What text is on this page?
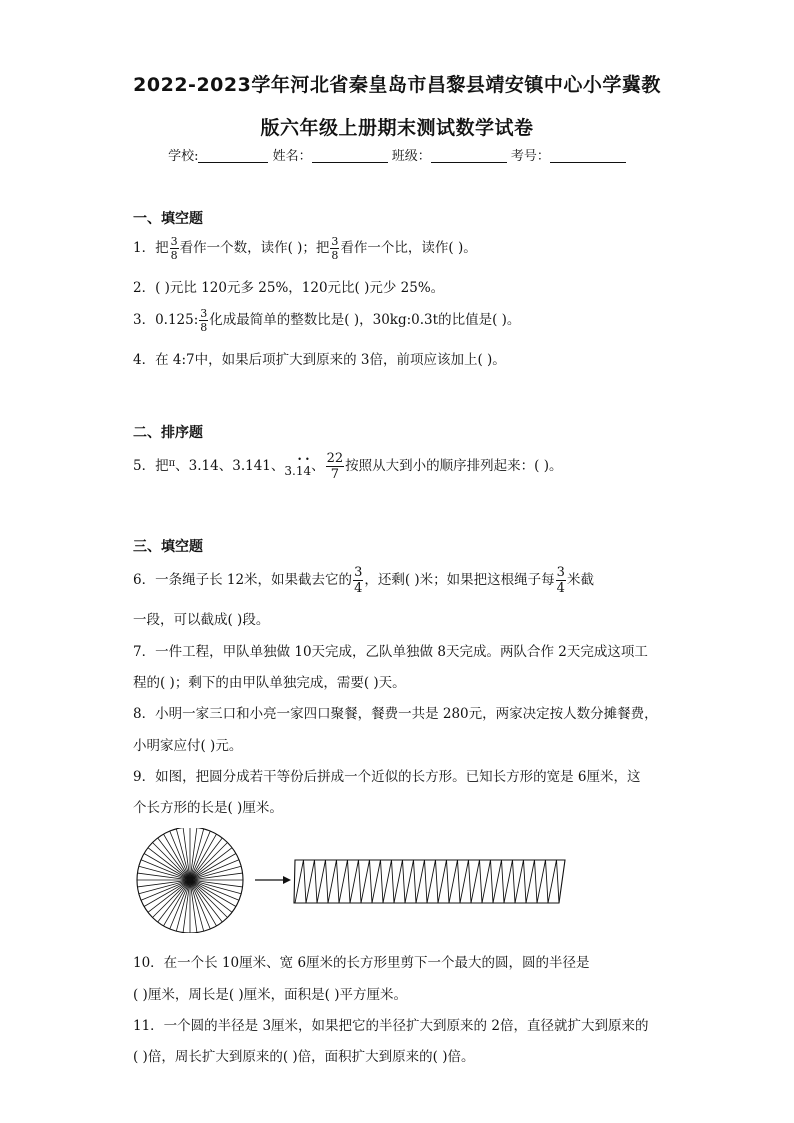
2022-2023学年河北省秦皇岛市昌黎县靖安镇中心小学冀教
版六年级上册期末测试数学试卷
学校:	姓名：	班级：	考号：
一、填空题
1．把 $\frac{3}{8}$ 看作一个数，读作( )；把 $\frac{3}{8}$ 看作一个比，读作( )。
2．( )元比 120元多 25%，120元比( )元少 25%。
3．0.125: $\frac{3}{8}$ 化成最简单的整数比是( )，30kg:0.3t的比值是( )。
4．在 4:7中，如果后项扩大到原来的 3倍，前项应该加上( )。
二、排序题
5．把$^\pi$、3.14、3.141、3.• 1• 4、 $\frac{22}{7}$ 按照从大到小的顺序排列起来：( )。
三、填空题
6．一条绳子长 12米，如果截去它的 $\frac{3}{4}$ ，还剩( )米；如果把这根绳子每 $\frac{3}{4}$ 米截
一段，可以截成( )段。
7．一件工程，甲队单独做 10天完成，乙队单独做 8天完成。两队合作 2天完成这项工
程的( )；剩下的由甲队单独完成，需要( )天。
8．小明一家三口和小亮一家四口聚餐，餐费一共是 280元，两家决定按人数分摊餐费，
小明家应付( )元。
9．如图，把圆分成若干等份后拼成一个近似的长方形。已知长方形的宽是 6厘米，这
个长方形的长是( )厘米。
10．在一个长 10厘米、宽 6厘米的长方形里剪下一个最大的圆，圆的半径是
( )厘米，周长是( )厘米，面积是( )平方厘米。
11．一个圆的半径是 3厘米，如果把它的半径扩大到原来的 2倍，直径就扩大到原来的
( )倍，周长扩大到原来的( )倍，面积扩大到原来的( )倍。
